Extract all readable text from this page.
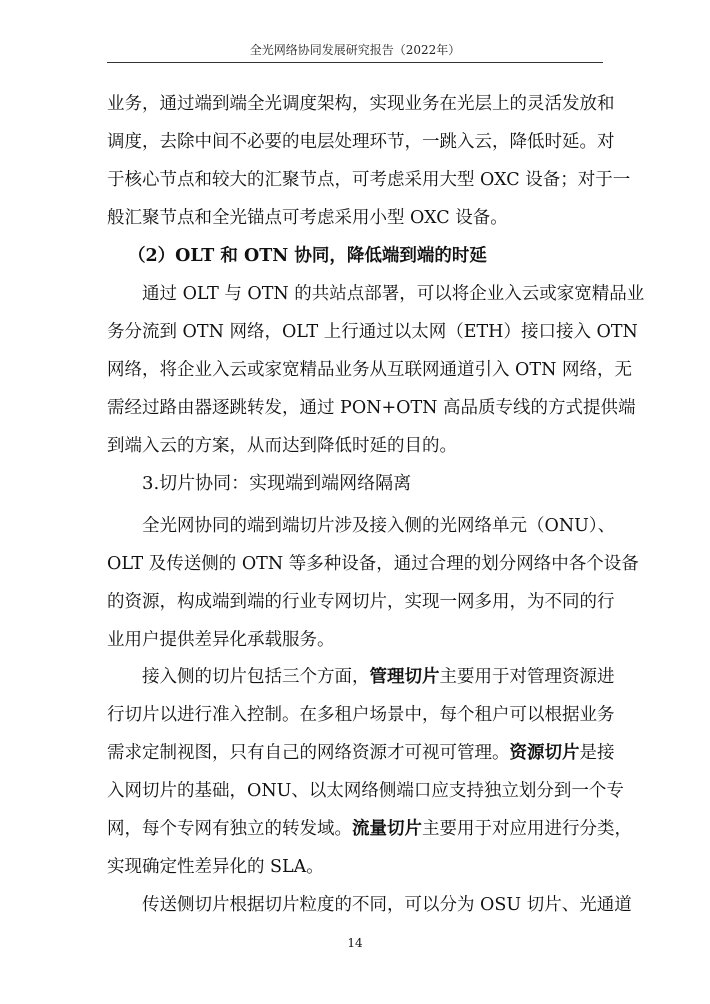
全光网络协同发展研究报告（2022年）
业务，通过端到端全光调度架构，实现业务在光层上的灵活发放和
调度，去除中间不必要的电层处理环节，一跳入云，降低时延。对
于核心节点和较大的汇聚节点，可考虑采用大型 OXC 设备；对于一
般汇聚节点和全光锚点可考虑采用小型 OXC 设备。
（2）OLT 和 OTN 协同，降低端到端的时延
通过 OLT 与 OTN 的共站点部署，可以将企业入云或家宽精品业
务分流到 OTN 网络，OLT 上行通过以太网（ETH）接口接入 OTN
网络，将企业入云或家宽精品业务从互联网通道引入 OTN 网络，无
需经过路由器逐跳转发，通过 PON+OTN 高品质专线的方式提供端
到端入云的方案，从而达到降低时延的目的。
3.切片协同：实现端到端网络隔离
全光网协同的端到端切片涉及接入侧的光网络单元（ONU）、
OLT 及传送侧的 OTN 等多种设备，通过合理的划分网络中各个设备
的资源，构成端到端的行业专网切片，实现一网多用，为不同的行
业用户提供差异化承载服务。
接入侧的切片包括三个方面，管理切片主要用于对管理资源进
行切片以进行准入控制。在多租户场景中，每个租户可以根据业务
需求定制视图，只有自己的网络资源才可视可管理。资源切片是接
入网切片的基础，ONU、以太网络侧端口应支持独立划分到一个专
网，每个专网有独立的转发域。流量切片主要用于对应用进行分类，
实现确定性差异化的 SLA。
传送侧切片根据切片粒度的不同，可以分为 OSU 切片、光通道
14
